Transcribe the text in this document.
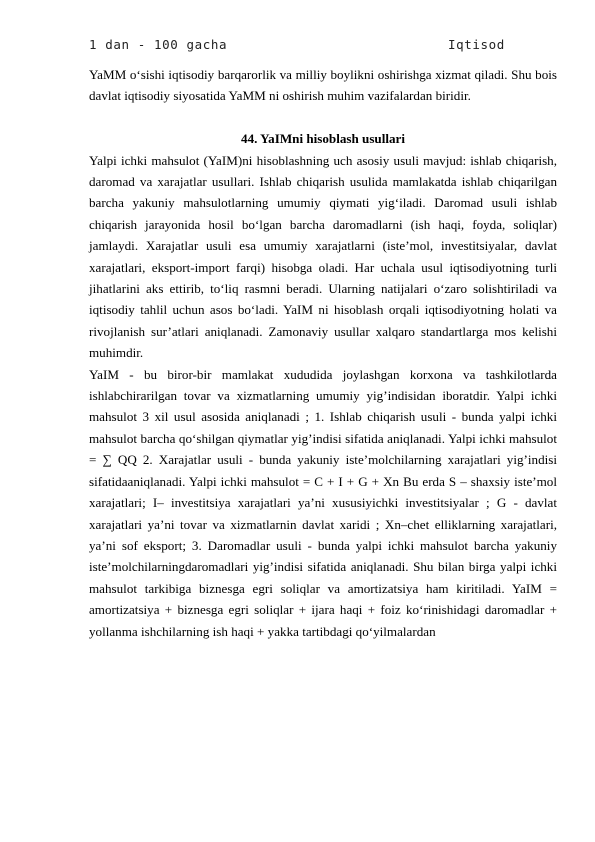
1 dan - 100 gacha	Iqtisod

YaMM o‘sishi iqtisodiy barqarorlik va milliy boylikni oshirishga xizmat qiladi. Shu bois davlat iqtisodiy siyosatida YaMM ni oshirish muhim vazifalardan biridir.

44. YaIMni hisoblash usullari

Yalpi ichki mahsulot (YaIM)ni hisoblashning uch asosiy usuli mavjud: ishlab chiqarish, daromad va xarajatlar usullari. Ishlab chiqarish usulida mamlakatda ishlab chiqarilgan barcha yakuniy mahsulotlarning umumiy qiymati yig‘iladi. Daromad usuli ishlab chiqarish jarayonida hosil bo‘lgan barcha daromadlarni (ish haqi, foyda, soliqlar) jamlaydi. Xarajatlar usuli esa umumiy xarajatlarni (iste’mol, investitsiyalar, davlat xarajatlari, eksport-import farqi) hisobga oladi. Har uchala usul iqtisodiyotning turli jihatlarini aks ettirib, to‘liq rasmni beradi. Ularning natijalari o‘zaro solishtiriladi va iqtisodiy tahlil uchun asos bo‘ladi. YaIM ni hisoblash orqali iqtisodiyotning holati va rivojlanish sur’atlari aniqlanadi. Zamonaviy usullar xalqaro standartlarga mos kelishi muhimdir.

YaIM - bu biror-bir mamlakat xududida joylashgan korxona va tashkilotlarda ishlabchirarilgan tovar va xizmatlarning umumiy yig’indisidan iboratdir. Yalpi ichki mahsulot 3 xil usul asosida aniqlanadi ; 1. Ishlab chiqarish usuli - bunda yalpi ichki mahsulot barcha qo‘shilgan qiymatlar yig’indisi sifatida aniqlanadi. Yalpi ichki mahsulot = ∑ QQ 2. Xarajatlar usuli - bunda yakuniy iste’molchilarning xarajatlari yig’indisi sifatidaaniqlanadi. Yalpi ichki mahsulot = C + I + G + Xn Bu erda S – shaxsiy iste’mol xarajatlari; I– investitsiya xarajatlari ya’ni xususiyichki investitsiyalar ; G - davlat xarajatlari ya’ni tovar va xizmatlarnin davlat xaridi ; Xn–chet elliklarning xarajatlari, ya’ni sof eksport; 3. Daromadlar usuli - bunda yalpi ichki mahsulot barcha yakuniy iste’molchilarningdaromadlari yig’indisi sifatida aniqlanadi. Shu bilan birga yalpi ichki mahsulot tarkibiga biznesga egri soliqlar va amortizatsiya ham kiritiladi. YaIM = amortizatsiya + biznesga egri soliqlar + ijara haqi + foiz ko‘rinishidagi daromadlar + yollanma ishchilarning ish haqi + yakka tartibdagi qo‘yilmalardan
